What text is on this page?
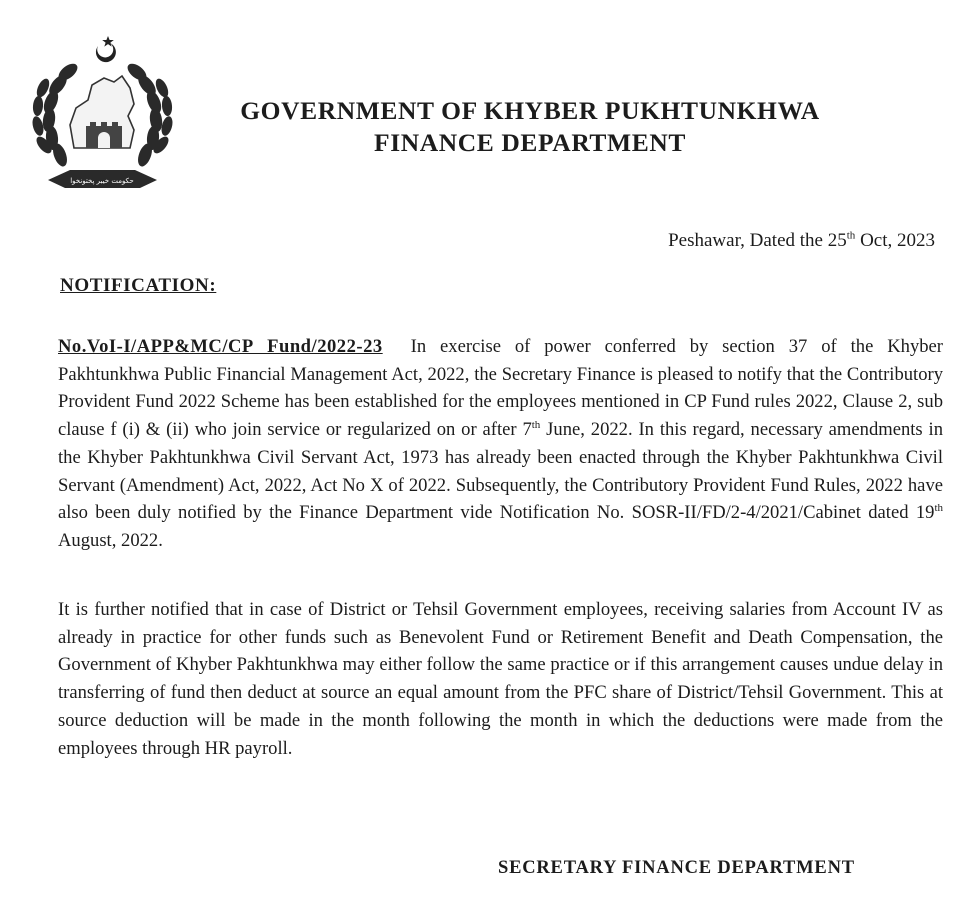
حکومت خیبر پختونخوا
GOVERNMENT OF KHYBER PUKHTUNKHWA
FINANCE DEPARTMENT
Peshawar, Dated the 25th Oct, 2023
NOTIFICATION:

No.VoI-I/APP&MC/CP Fund/2022-23 In exercise of power conferred by section 37 of the Khyber Pakhtunkhwa Public Financial Management Act, 2022, the Secretary Finance is pleased to notify that the Contributory Provident Fund 2022 Scheme has been established for the employees mentioned in CP Fund rules 2022, Clause 2, sub clause f (i) & (ii) who join service or regularized on or after 7th June, 2022. In this regard, necessary amendments in the Khyber Pakhtunkhwa Civil Servant Act, 1973 has already been enacted through the Khyber Pakhtunkhwa Civil Servant (Amendment) Act, 2022, Act No X of 2022. Subsequently, the Contributory Provident Fund Rules, 2022 have also been duly notified by the Finance Department vide Notification No. SOSR-II/FD/2-4/2021/Cabinet dated 19th August, 2022.

It is further notified that in case of District or Tehsil Government employees, receiving salaries from Account IV as already in practice for other funds such as Benevolent Fund or Retirement Benefit and Death Compensation, the Government of Khyber Pakhtunkhwa may either follow the same practice or if this arrangement causes undue delay in transferring of fund then deduct at source an equal amount from the PFC share of District/Tehsil Government. This at source deduction will be made in the month following the month in which the deductions were made from the employees through HR payroll.

SECRETARY FINANCE DEPARTMENT
